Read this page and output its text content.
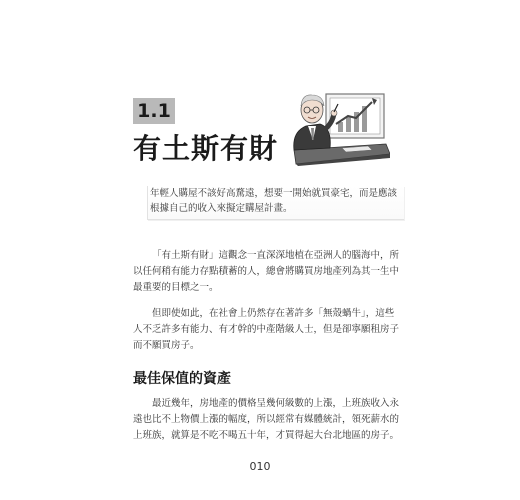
1.1
有土斯有財

年輕人購屋不該好高騖遠，想要一開始就買豪宅，而是應該

根據自己的收入來擬定購屋計畫。

「有土斯有財」這觀念一直深深地植在亞洲人的腦海中，所

以任何稍有能力存點積蓄的人，總會將購買房地產列為其一生中

最重要的目標之一。

但即使如此，在社會上仍然存在著許多「無殼蝸牛」，這些

人不乏許多有能力、有才幹的中產階級人士，但是卻寧願租房子

而不願買房子。

最佳保值的資產

最近幾年，房地產的價格呈幾何級數的上漲，上班族收入永

遠也比不上物價上漲的幅度，所以經常有媒體統計，領死薪水的

上班族，就算是不吃不喝五十年，才買得起大台北地區的房子。

010
